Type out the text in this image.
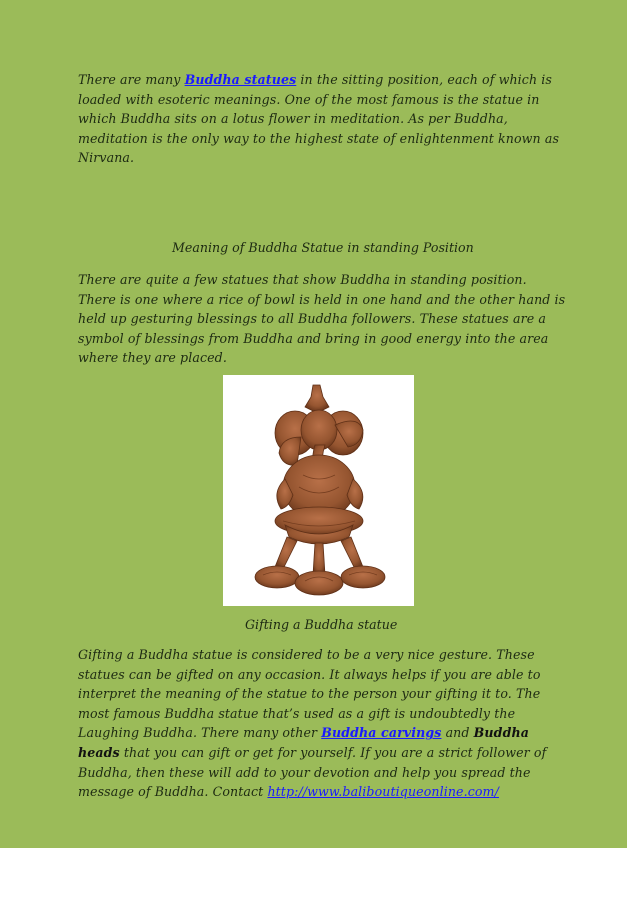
There are many Buddha statues in the sitting position, each of which is loaded with esoteric meanings. One of the most famous is the statue in which Buddha sits on a lotus flower in meditation. As per Buddha, meditation is the only way to the highest state of enlightenment known as Nirvana.

Meaning of Buddha Statue in standing Position

There are quite a few statues that show Buddha in standing position. There is one where a rice of bowl is held in one hand and the other hand is held up gesturing blessings to all Buddha followers. These statues are a symbol of blessings from Buddha and bring in good energy into the area where they are placed.

Gifting a Buddha statue

Gifting a Buddha statue is considered to be a very nice gesture. These statues can be gifted on any occasion. It always helps if you are able to interpret the meaning of the statue to the person your gifting it to. The most famous Buddha statue that’s used as a gift is undoubtedly the Laughing Buddha. There many other Buddha carvings and Buddha heads that you can gift or get for yourself. If you are a strict follower of Buddha, then these will add to your devotion and help you spread the message of Buddha. Contact http://www.baliboutiqueonline.com/
